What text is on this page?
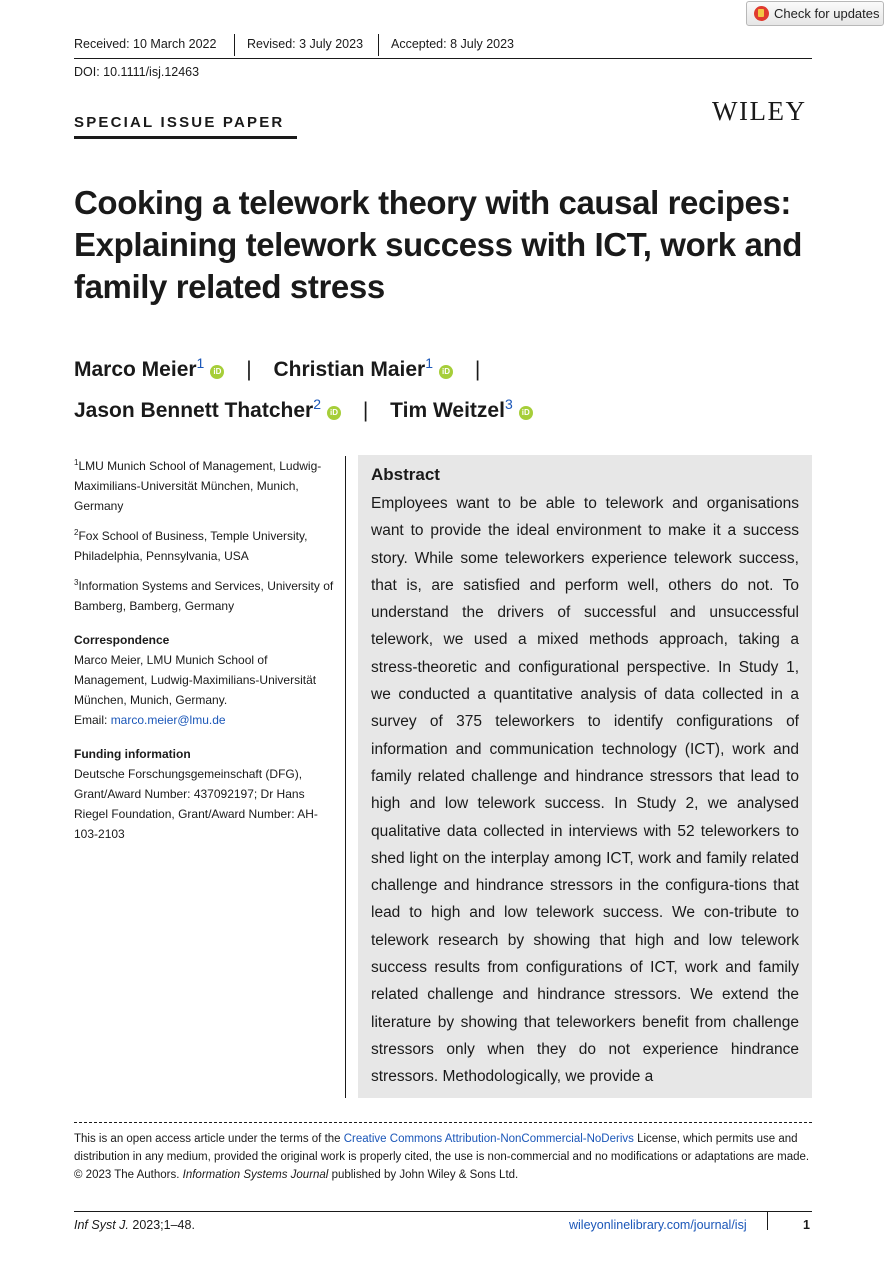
Check for updates
Received: 10 March 2022 Revised: 3 July 2023 Accepted: 8 July 2023
DOI: 10.1111/isj.12463
SPECIAL ISSUE PAPER	WILEY
Cooking a telework theory with causal recipes:
Explaining telework success with ICT, work and
family related stress
Marco Meier$^1$iD | Christian Maier$^1$iD |
Jason Bennett Thatcher$^2$iD | Tim Weitzel$^3$iD

$^1$LMU Munich School of Management, Ludwig-Maximilians-Universität München, Munich, Germany

$^2$Fox School of Business, Temple University, Philadelphia, Pennsylvania, USA

$^3$Information Systems and Services, University of Bamberg, Bamberg, Germany

Correspondence

Marco Meier, LMU Munich School of Management, Ludwig-Maximilians-Universität München, Munich, Germany.
Email: marco.meier@lmu.de

Funding information

Deutsche Forschungsgemeinschaft (DFG), Grant/Award Number: 437092197; Dr Hans Riegel Foundation, Grant/Award Number: AH-103-2103

Abstract
Employees want to be able to telework and organisations want to provide the ideal environment to make it a success story. While some teleworkers experience telework success, that is, are satisfied and perform well, others do not. To understand the drivers of successful and unsuccessful telework, we used a mixed methods approach, taking a stress-theoretic and configurational perspective. In Study 1, we conducted a quantitative analysis of data collected in a survey of 375 teleworkers to identify configurations of information and communication technology (ICT), work and family related challenge and hindrance stressors that lead to high and low telework success. In Study 2, we analysed qualitative data collected in interviews with 52 teleworkers to shed light on the interplay among ICT, work and family related challenge and hindrance stressors in the configura-tions that lead to high and low telework success. We con-tribute to telework research by showing that high and low telework success results from configurations of ICT, work and family related challenge and hindrance stressors. We extend the literature by showing that teleworkers benefit from challenge stressors only when they do not experience hindrance stressors. Methodologically, we provide a
This is an open access article under the terms of the Creative Commons Attribution-NonCommercial-NoDerivs License, which permits use and distribution in any medium, provided the original work is properly cited, the use is non-commercial and no modifications or adaptations are made.
© 2023 The Authors. Information Systems Journal published by John Wiley & Sons Ltd.
Inf Syst J. 2023;1–48.	wileyonlinelibrary.com/journal/isj	1
